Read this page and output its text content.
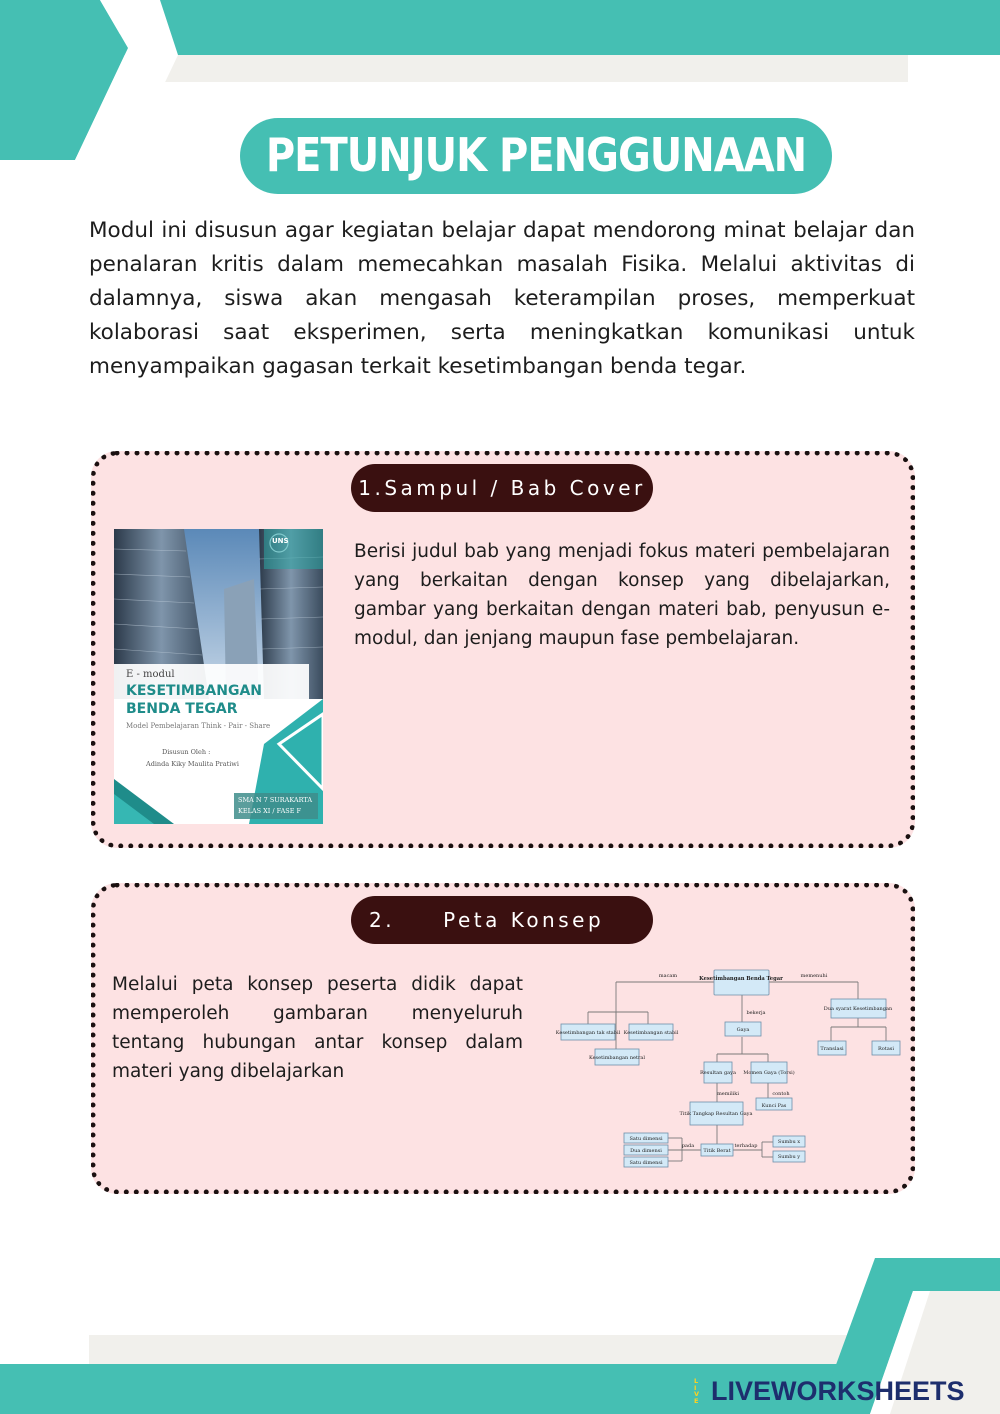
PETUNJUK PENGGUNAAN
Modul ini disusun agar kegiatan belajar dapat mendorong minat belajar dan penalaran kritis dalam memecahkan masalah Fisika. Melalui aktivitas di dalamnya, siswa akan mengasah keterampilan proses, memperkuat kolaborasi saat eksperimen, serta meningkatkan komunikasi untuk menyampaikan gagasan terkait kesetimbangan benda tegar.
1.Sampul / Bab Cover
UNS
E - modul
KESETIMBANGAN
BENDA TEGAR
Model Pembelajaran Think - Pair - Share
Disusun Oleh :
Adinda Kiky Maulita Pratiwi
SMA N 7 SURAKARTA
KELAS XI / FASE F
Berisi judul bab yang menjadi fokus materi pembelajaran yang berkaitan dengan konsep yang dibelajarkan, gambar yang berkaitan dengan materi bab, penyusun e- modul, dan jenjang maupun fase pembelajaran.
2. Peta Konsep
Melalui peta konsep peserta didik dapat memperoleh gambaran menyeluruh tentang hubungan antar konsep dalam materi yang dibelajarkan
macam	memenuhi
bekerja
memiliki	contoh
pada	terhadap
Kesetimbangan Benda Tegar
Kesetimbangan tak stabil Kesetimbangan stabil
Kesetimbangan netral
Gaya
Dua syarat Kesetimbangan
Translasi	Rotasi
Resultan gaya Momen Gaya (Torsi)
Kunci Pas
Titik Tangkap Resultan Gaya
Satu dimensi
Dua dimensi
Satu dimensi
Titik Berat
Sumbu x
Sumbu y
LIVE LIVEWORKSHEETS
